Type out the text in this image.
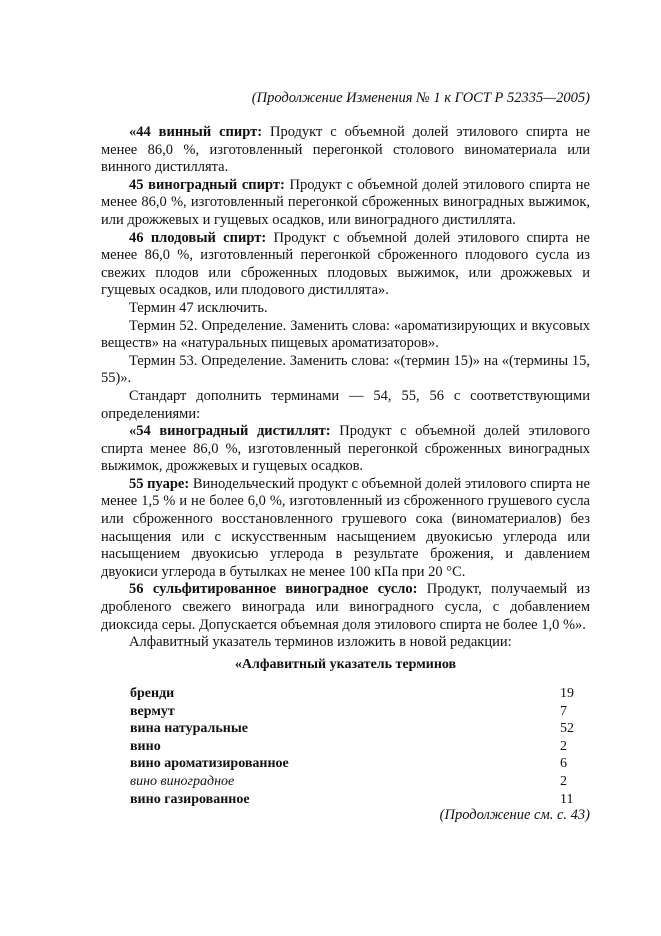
(Продолжение Изменения № 1 к ГОСТ Р 52335—2005)

«44 винный спирт: Продукт с объемной долей этилового спирта не менее 86,0 %, изготовленный перегонкой столового виноматериала или винного дистиллята.

45 виноградный спирт: Продукт с объемной долей этилового спирта не менее 86,0 %, изготовленный перегонкой сброженных виноградных выжимок, или дрожжевых и гущевых осадков, или виноградного дистиллята.

46 плодовый спирт: Продукт с объемной долей этилового спирта не менее 86,0 %, изготовленный перегонкой сброженного плодового сусла из свежих плодов или сброженных плодовых выжимок, или дрожжевых и гущевых осадков, или плодового дистиллята».

Термин 47 исключить.

Термин 52. Определение. Заменить слова: «ароматизирующих и вкусовых веществ» на «натуральных пищевых ароматизаторов».

Термин 53. Определение. Заменить слова: «(термин 15)» на «(термины 15, 55)».

Стандарт дополнить терминами — 54, 55, 56 с соответствующими определениями:

«54 виноградный дистиллят: Продукт с объемной долей этилового спирта менее 86,0 %, изготовленный перегонкой сброженных виноградных выжимок, дрожжевых и гущевых осадков.

55 пуаре: Винодельческий продукт с объемной долей этилового спирта не менее 1,5 % и не более 6,0 %, изготовленный из сброженного грушевого сусла или сброженного восстановленного грушевого сока (виноматериалов) без насыщения или с искусственным насыщением двуокисью углерода или насыщением двуокисью углерода в результате брожения, и давлением двуокиси углерода в бутылках не менее 100 кПа при 20 °С.

56 сульфитированное виноградное сусло: Продукт, получаемый из дробленого свежего винограда или виноградного сусла, с добавлением диоксида серы. Допускается объемная доля этилового спирта не более 1,0 %».

Алфавитный указатель терминов изложить в новой редакции:

«Алфавитный указатель терминов
бренди	19
вермут	7
вина натуральные	52
вино	2
вино ароматизированное	6
вино виноградное	2
вино газированное	11
(Продолжение см. с. 43)
